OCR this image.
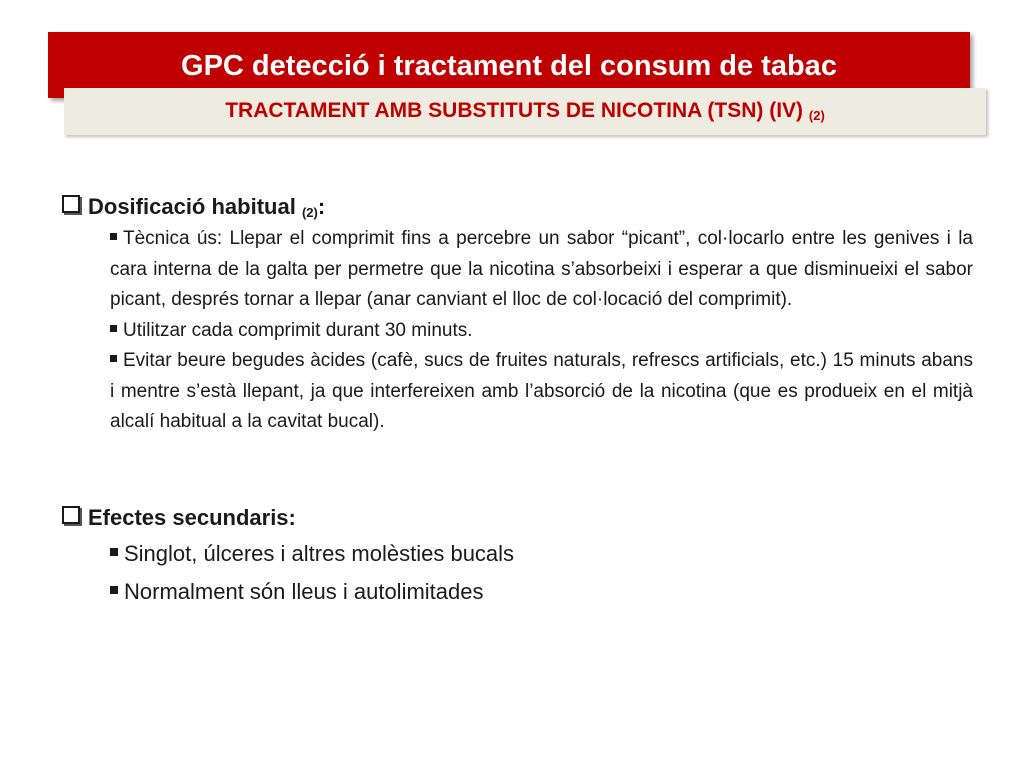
GPC detecció i tractament del consum de tabac
TRACTAMENT AMB SUBSTITUTS DE NICOTINA (TSN) (IV) (2)
Dosificació habitual (2):
Tècnica ús: Llepar el comprimit fins a percebre un sabor “picant”, col·locarlo entre les genives i la cara interna de la galta per permetre que la nicotina s’absorbeixi i esperar a que disminueixi el sabor picant, després tornar a llepar (anar canviant el lloc de col·locació del comprimit).
Utilitzar cada comprimit durant 30 minuts.
Evitar beure begudes àcides (cafè, sucs de fruites naturals, refrescs artificials, etc.) 15 minuts abans i mentre s’està llepant, ja que interfereixen amb l’absorció de la nicotina (que es produeix en el mitjà alcalí habitual a la cavitat bucal).
Efectes secundaris:
Singlot, úlceres i altres molèsties bucals
Normalment són lleus i autolimitades
